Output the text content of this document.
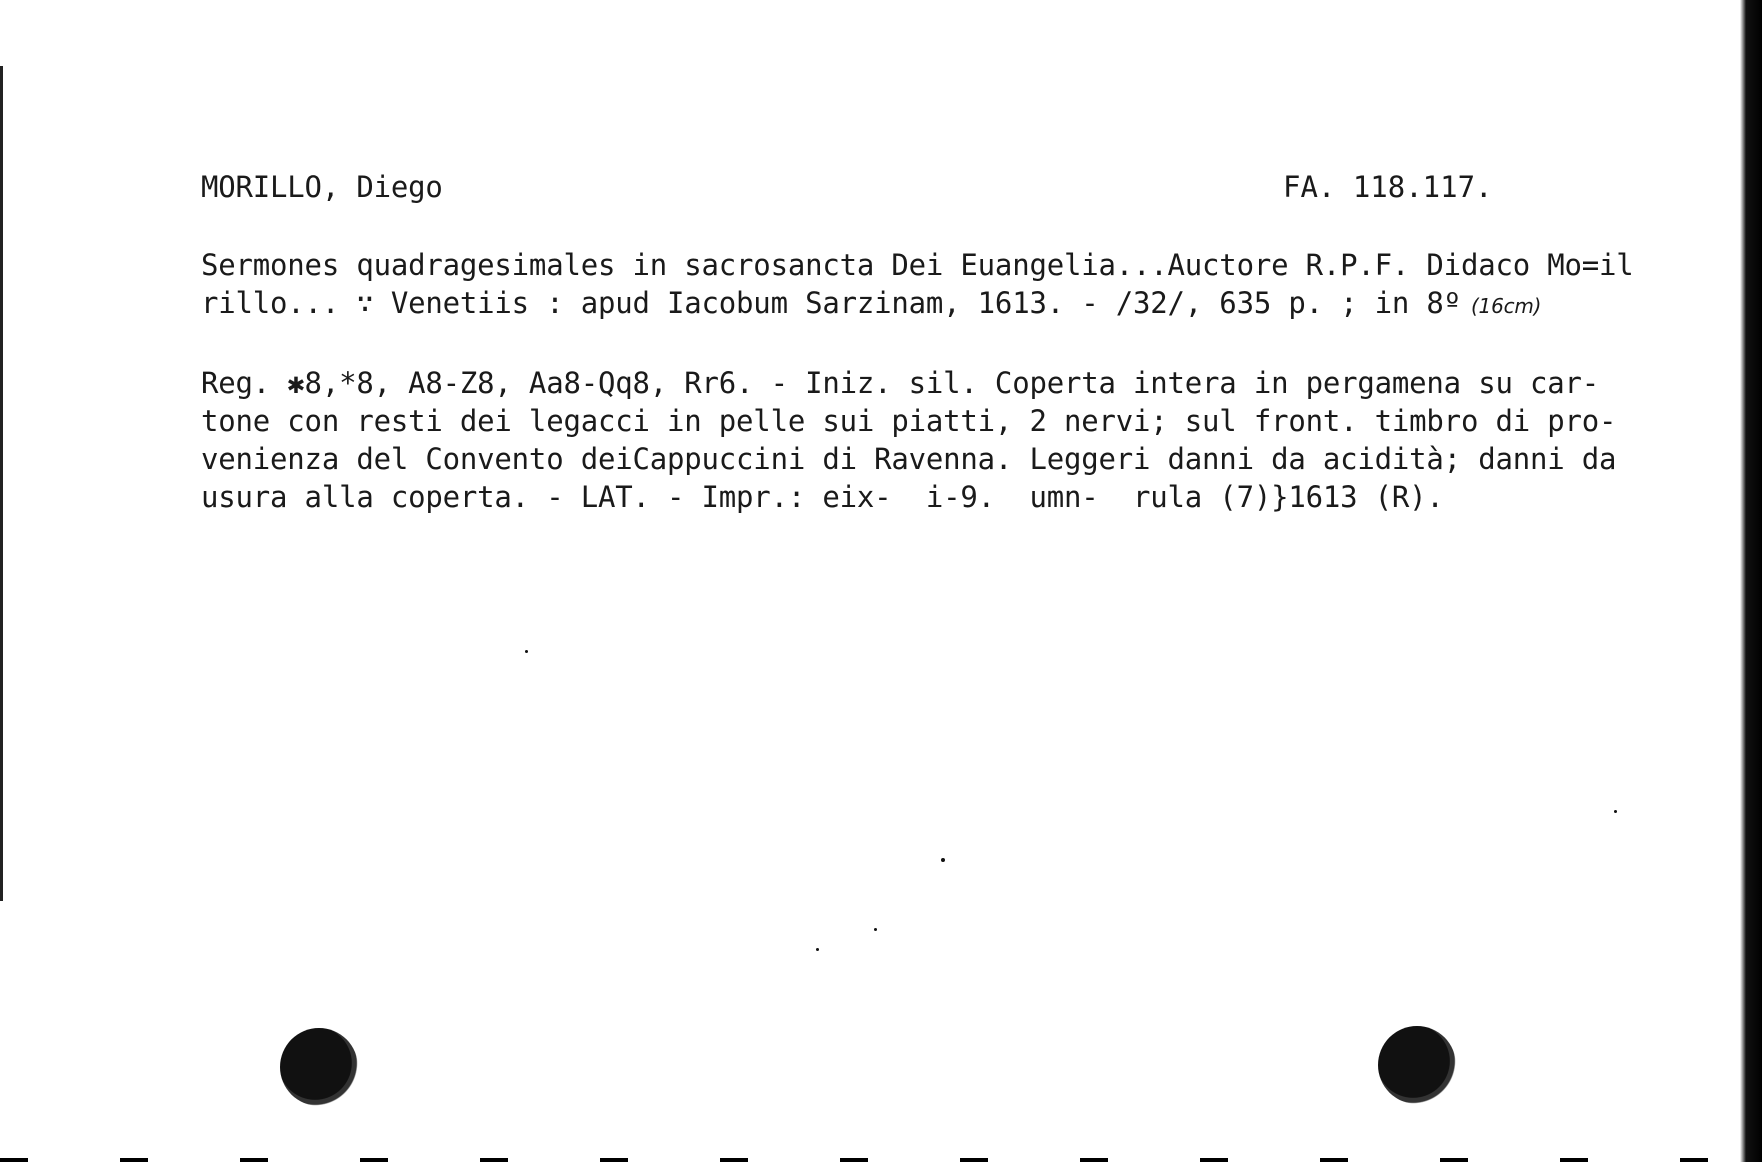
MORILLO, Diego	FA. 118.117.
Sermones quadragesimales in sacrosancta Dei Euangelia...Auctore R.P.F. Didaco Mo=il
rillo... ∵ Venetiis : apud Iacobum Sarzinam, 1613. - /32/, 635 p. ; in 8º (16cm)
Reg. ✱8,*8, A8-Z8, Aa8-Qq8, Rr6. - Iniz. sil. Coperta intera in pergamena su car-
tone con resti dei legacci in pelle sui piatti, 2 nervi; sul front. timbro di pro-
venienza del Convento deiCappuccini di Ravenna. Leggeri danni da acidità; danni da
usura alla coperta. - LAT. - Impr.: eix-  i-9.  umn-  rula (7)}1613 (R).
